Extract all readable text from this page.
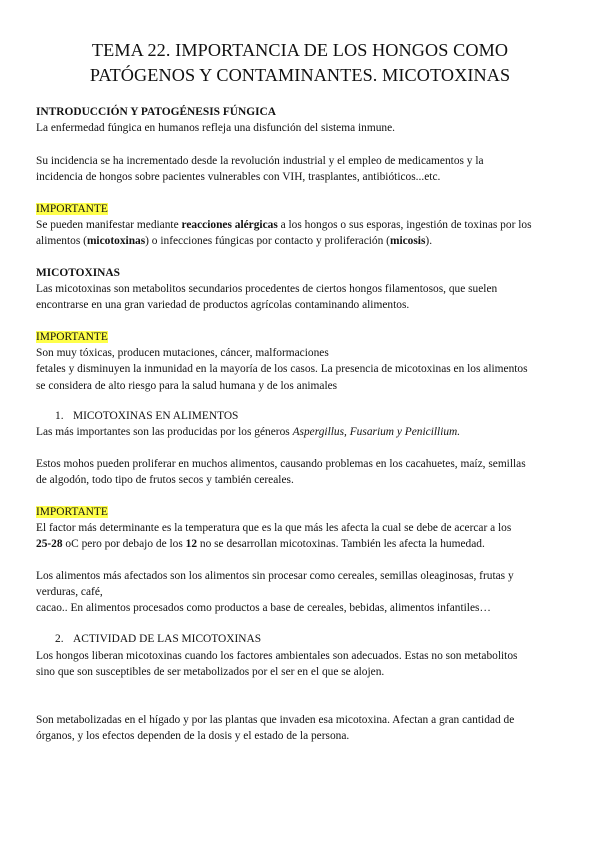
TEMA 22. IMPORTANCIA DE LOS HONGOS COMO
PATÓGENOS Y CONTAMINANTES. MICOTOXINAS
INTRODUCCIÓN Y PATOGÉNESIS FÚNGICA
La enfermedad fúngica en humanos refleja una disfunción del sistema inmune.
Su incidencia se ha incrementado desde la revolución industrial y el empleo de medicamentos y la
incidencia de hongos sobre pacientes vulnerables con VIH, trasplantes, antibióticos...etc.
IMPORTANTE
Se pueden manifestar mediante reacciones alérgicas a los hongos o sus esporas, ingestión de toxinas por los
alimentos (micotoxinas) o infecciones fúngicas por contacto y proliferación (micosis).
MICOTOXINAS
Las micotoxinas son metabolitos secundarios procedentes de ciertos hongos filamentosos, que suelen
encontrarse en una gran variedad de productos agrícolas contaminando alimentos.
IMPORTANTE
Son muy tóxicas, producen mutaciones, cáncer, malformaciones
fetales y disminuyen la inmunidad en la mayoría de los casos. La presencia de micotoxinas en los alimentos
se considera de alto riesgo para la salud humana y de los animales
1. MICOTOXINAS EN ALIMENTOS
Las más importantes son las producidas por los géneros Aspergillus, Fusarium y Penicillium.
Estos mohos pueden proliferar en muchos alimentos, causando problemas en los cacahuetes, maíz, semillas
de algodón, todo tipo de frutos secos y también cereales.
IMPORTANTE
El factor más determinante es la temperatura que es la que más les afecta la cual se debe de acercar a los
25-28 oC pero por debajo de los 12 no se desarrollan micotoxinas. También les afecta la humedad.
Los alimentos más afectados son los alimentos sin procesar como cereales, semillas oleaginosas, frutas y
verduras, café,
cacao.. En alimentos procesados como productos a base de cereales, bebidas, alimentos infantiles…
2. ACTIVIDAD DE LAS MICOTOXINAS
Los hongos liberan micotoxinas cuando los factores ambientales son adecuados. Estas no son metabolitos
sino que son susceptibles de ser metabolizados por el ser en el que se alojen.
Son metabolizadas en el hígado y por las plantas que invaden esa micotoxina. Afectan a gran cantidad de
órganos, y los efectos dependen de la dosis y el estado de la persona.
